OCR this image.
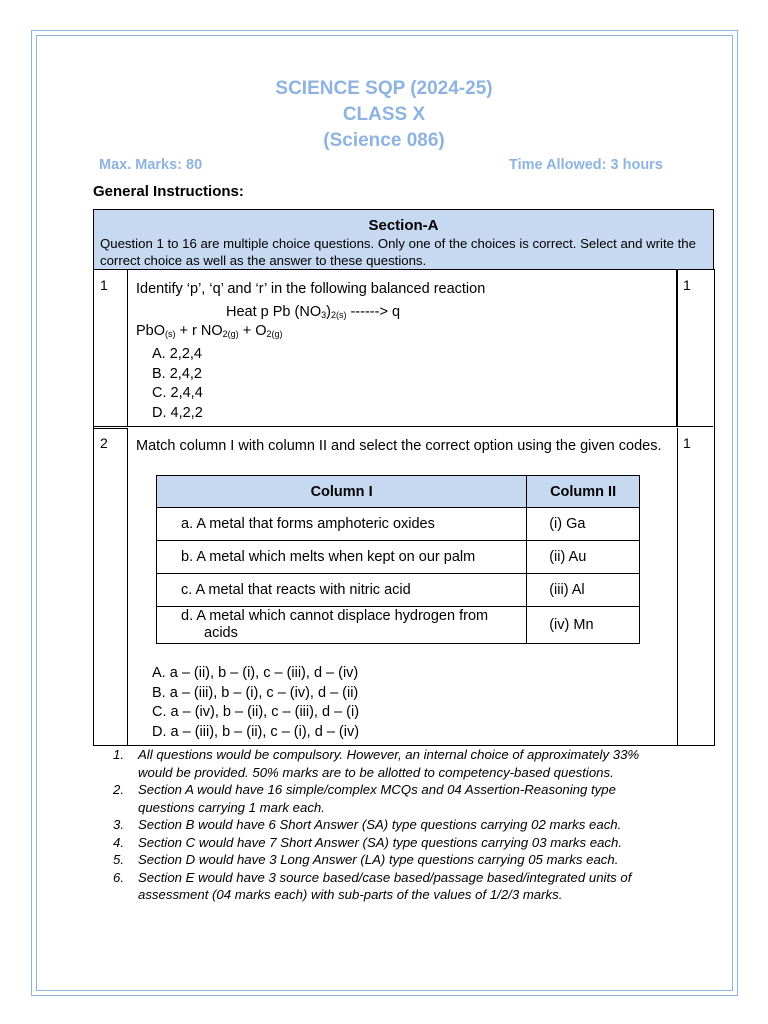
SCIENCE SQP (2024-25)
CLASS X
(Science 086)
Max. Marks: 80	Time Allowed: 3 hours
General Instructions:
Section-A
Question 1 to 16 are multiple choice questions. Only one of the choices is correct. Select and write the correct choice as well as the answer to these questions.
1	1
Identify ‘p’, ‘q’ and ‘r’ in the following balanced reaction
Heat p Pb $(NO_3)_{2(s)}$ ------> q
PbO$_{(s)}$ + r $NO_{2(g)} + O_{2(g)}$
A. 2,2,4
B. 2,4,2
C. 2,4,4
D. 4,2,2
2	1
Match column I with column II and select the correct option using the given codes.
Column I	Column II
a. A metal that forms amphoteric oxides	(i) Ga
b. A metal which melts when kept on our palm	(ii) Au
c. A metal that reacts with nitric acid	(iii) Al

d. A metal which cannot displace hydrogen from
acids	(iv) Mn
A. a – (ii), b – (i), c – (iii), d – (iv)
B. a – (iii), b – (i), c – (iv), d – (ii)
C. a – (iv), b – (ii), c – (iii), d – (i)
D. a – (iii), b – (ii), c – (i), d – (iv)
1. All questions would be compulsory. However, an internal choice of approximately 33% would be provided. 50% marks are to be allotted to competency-based questions.
2. Section A would have 16 simple/complex MCQs and 04 Assertion-Reasoning type questions carrying 1 mark each.
3. Section B would have 6 Short Answer (SA) type questions carrying 02 marks each.
4. Section C would have 7 Short Answer (SA) type questions carrying 03 marks each.
5. Section D would have 3 Long Answer (LA) type questions carrying 05 marks each.
6. Section E would have 3 source based/case based/passage based/integrated units of assessment (04 marks each) with sub-parts of the values of 1/2/3 marks.
